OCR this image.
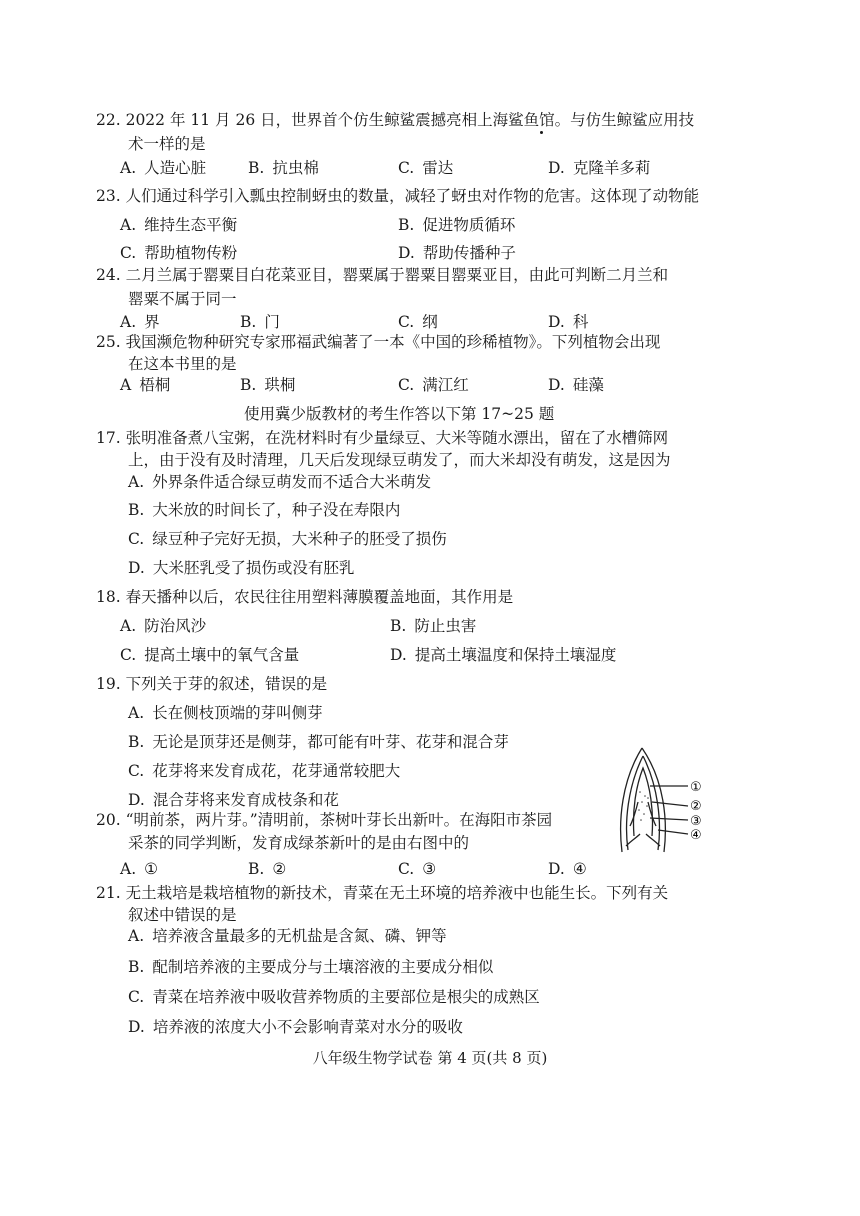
22. 2022 年 11 月 26 日，世界首个仿生鲸鲨震撼亮相上海鲨鱼馆。与仿生鲸鲨应用技
术一样的是
A. 人造心脏	B. 抗虫棉	C. 雷达	D. 克隆羊多莉
23. 人们通过科学引入瓢虫控制蚜虫的数量，减轻了蚜虫对作物的危害。这体现了动物能
A. 维持生态平衡	B. 促进物质循环
C. 帮助植物传粉	D. 帮助传播种子
24. 二月兰属于罂粟目白花菜亚目，罂粟属于罂粟目罂粟亚目，由此可判断二月兰和
罂粟不属于同一
A. 界	B. 门	C. 纲	D. 科
25. 我国濒危物种研究专家邢福武编著了一本《中国的珍稀植物》。下列植物会出现
在这本书里的是
A 梧桐	B. 珙桐	C. 满江红	D. 硅藻
使用冀少版教材的考生作答以下第 17~25 题
17. 张明准备煮八宝粥，在洗材料时有少量绿豆、大米等随水漂出，留在了水槽筛网
上，由于没有及时清理，几天后发现绿豆萌发了，而大米却没有萌发，这是因为
A. 外界条件适合绿豆萌发而不适合大米萌发
B. 大米放的时间长了，种子没在寿限内
C. 绿豆种子完好无损，大米种子的胚受了损伤
D. 大米胚乳受了损伤或没有胚乳
18. 春天播种以后，农民往往用塑料薄膜覆盖地面，其作用是
A. 防治风沙	B. 防止虫害
C. 提高土壤中的氧气含量	D. 提高土壤温度和保持土壤湿度
19. 下列关于芽的叙述，错误的是
A. 长在侧枝顶端的芽叫侧芽
B. 无论是顶芽还是侧芽，都可能有叶芽、花芽和混合芽
C. 花芽将来发育成花，花芽通常较肥大
D. 混合芽将来发育成枝条和花
①
②
③
④
20. “明前茶，两片芽。”清明前，茶树叶芽长出新叶。在海阳市茶园
采茶的同学判断，发育成绿茶新叶的是由右图中的
A. ①	B. ②	C. ③	D. ④
21. 无土栽培是栽培植物的新技术，青菜在无土环境的培养液中也能生长。下列有关
叙述中错误的是
A. 培养液含量最多的无机盐是含氮、磷、钾等
B. 配制培养液的主要成分与土壤溶液的主要成分相似
C. 青菜在培养液中吸收营养物质的主要部位是根尖的成熟区
D. 培养液的浓度大小不会影响青菜对水分的吸收
八年级生物学试卷 第 4 页(共 8 页)
